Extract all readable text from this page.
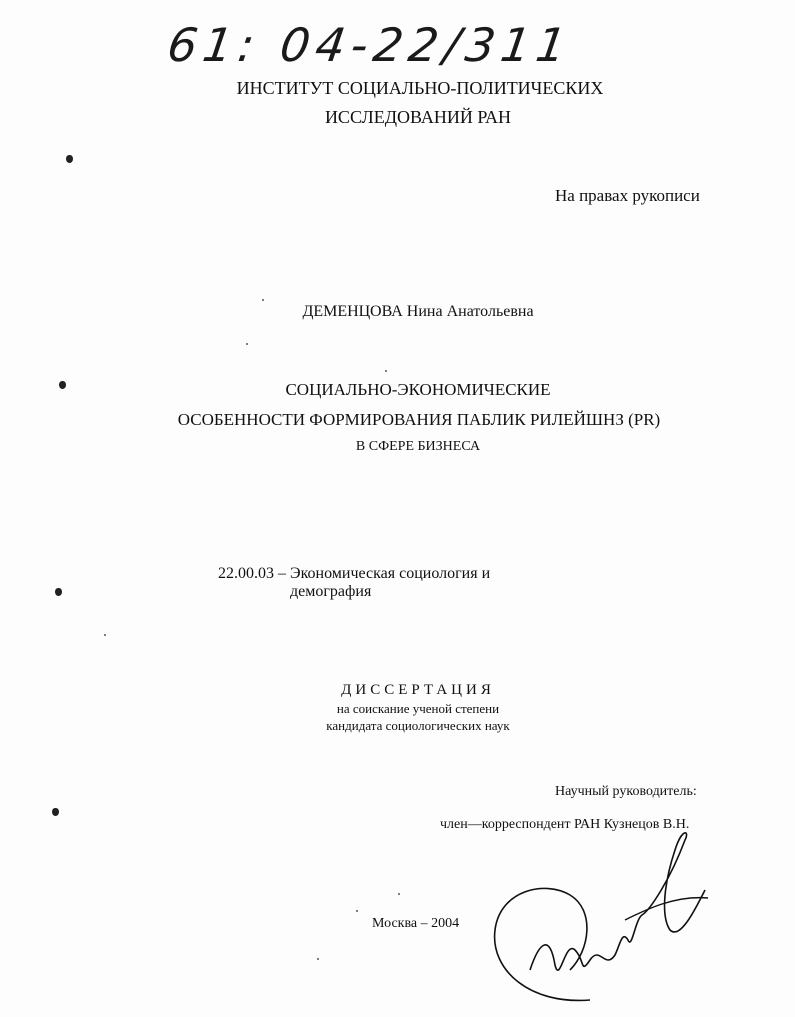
61: 04-22/311
ИНСТИТУТ СОЦИАЛЬНО-ПОЛИТИЧЕСКИХ
ИССЛЕДОВАНИЙ РАН
На правах рукописи
ДЕМЕНЦОВА Нина Анатольевна
СОЦИАЛЬНО-ЭКОНОМИЧЕСКИЕ
ОСОБЕННОСТИ ФОРМИРОВАНИЯ ПАБЛИК РИЛЕЙШНЗ (PR)
В СФЕРЕ БИЗНЕСА
22.00.03 – Экономическая социология и
демография
ДИССЕРТАЦИЯ
на соискание ученой степени
кандидата социологических наук
Научный руководитель:
член—корреспондент РАН Кузнецов В.Н.
Москва – 2004
